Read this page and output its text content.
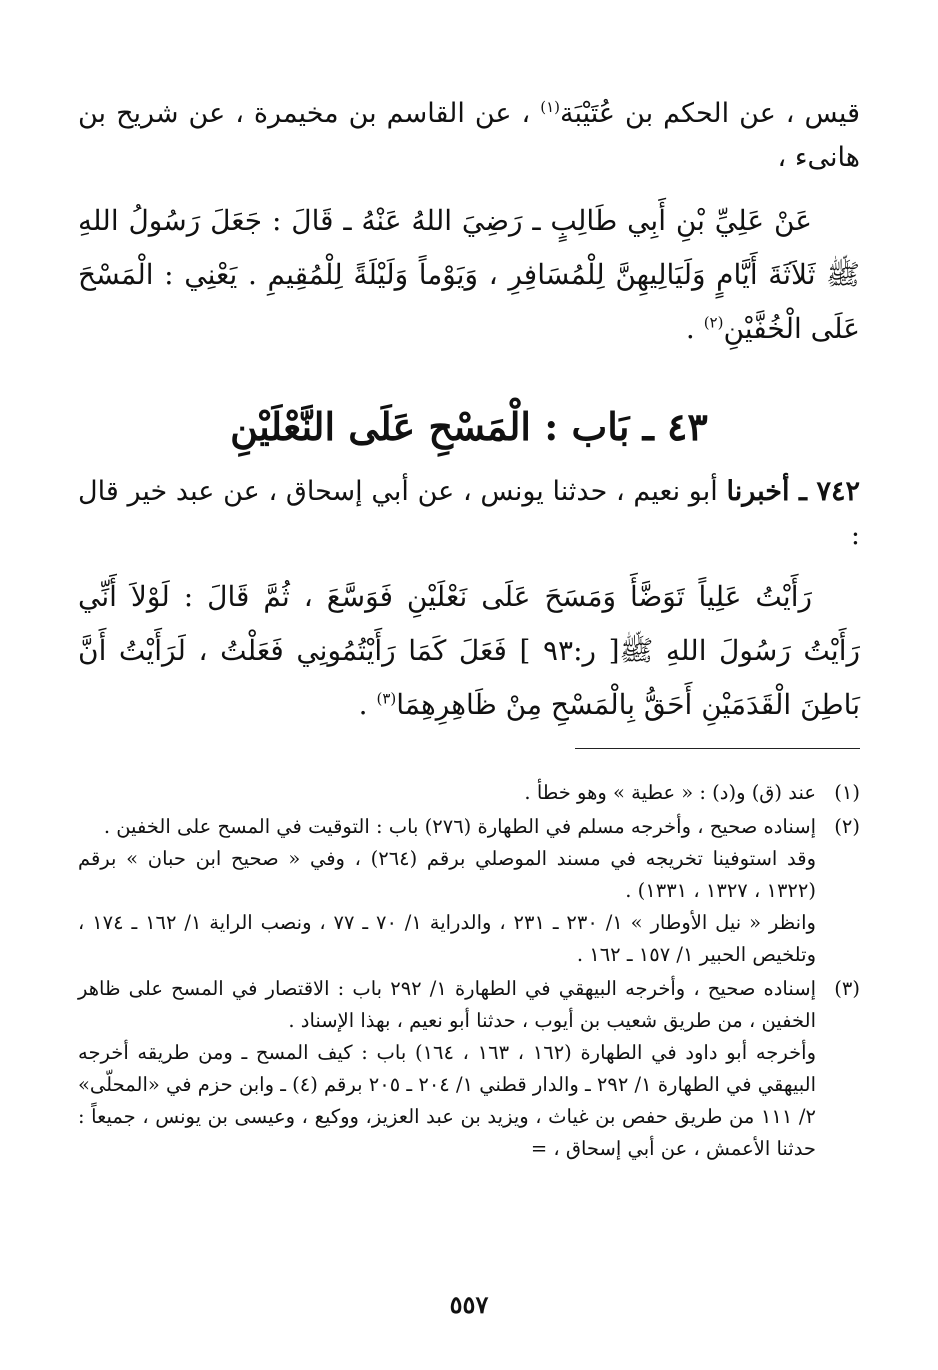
قيس ، عن الحكم بن عُتَيْبَة$^{(١)}$ ، عن القاسم بن مخيمرة ، عن شريح بن هانىء ،

عَنْ عَلِيِّ بْنِ أَبِي طَالِبٍ ـ رَضِيَ اللهُ عَنْهُ ـ قَالَ : جَعَلَ رَسُولُ اللهِ ﷺ ثَلاَثَةَ أَيَّامٍ وَلَيَالِيهِنَّ لِلْمُسَافِرِ ، وَيَوْماً وَلَيْلَةً لِلْمُقِيمِ . يَعْنِي : الْمَسْحَ عَلَى الْخُفَّيْنِ$^{(٢)}$ .

٤٣ ـ بَاب : الْمَسْحِ عَلَى النَّعْلَيْنِ

٧٤٢ ـ أخبرنا أبو نعيم ، حدثنا يونس ، عن أبي إسحاق ، عن عبد خير قال :

رَأَيْتُ عَلِياً تَوَضَّأَ وَمَسَحَ عَلَى نَعْلَيْنِ فَوَسَّعَ ، ثُمَّ قَالَ : لَوْلاَ أَنِّي رَأَيْتُ رَسُولَ اللهِ ﷺ[ ر:٩٣ ] فَعَلَ كَمَا رَأَيْتُمُونِي فَعَلْتُ ، لَرَأَيْتُ أَنَّ بَاطِنَ الْقَدَمَيْنِ أَحَقُّ بِالْمَسْحِ مِنْ ظَاهِرِهِمَا$^{(٣)}$ .

(١)

عند (ق) و(د) : « عطية » وهو خطأ .

(٢)

إسناده صحيح ، وأخرجه مسلم في الطهارة (٢٧٦) باب : التوقيت في المسح على الخفين .

وقد استوفينا تخريجه في مسند الموصلي برقم (٢٦٤) ، وفي « صحيح ابن حبان » برقم (١٣٢٢ ، ١٣٢٧ ، ١٣٣١) .

وانظر « نيل الأوطار » ١/ ٢٣٠ ـ ٢٣١ ، والدراية ١/ ٧٠ ـ ٧٧ ، ونصب الراية ١/ ١٦٢ ـ ١٧٤ ، وتلخيص الحبير ١/ ١٥٧ ـ ١٦٢ .

(٣)

إسناده صحيح ، وأخرجه البيهقي في الطهارة ١/ ٢٩٢ باب : الاقتصار في المسح على ظاهر الخفين ، من طريق شعيب بن أيوب ، حدثنا أبو نعيم ، بهذا الإسناد .

وأخرجه أبو داود في الطهارة (١٦٢ ، ١٦٣ ، ١٦٤) باب : كيف المسح ـ ومن طريقه أخرجه البيهقي في الطهارة ١/ ٢٩٢ ـ والدار قطني ١/ ٢٠٤ ـ ٢٠٥ برقم (٤) ـ وابن حزم في «المحلّى» ٢/ ١١١ من طريق حفص بن غياث ، ويزيد بن عبد العزيز، ووكيع ، وعيسى بن يونس ، جميعاً : حدثنا الأعمش ، عن أبي إسحاق ، =

٥٥٧
